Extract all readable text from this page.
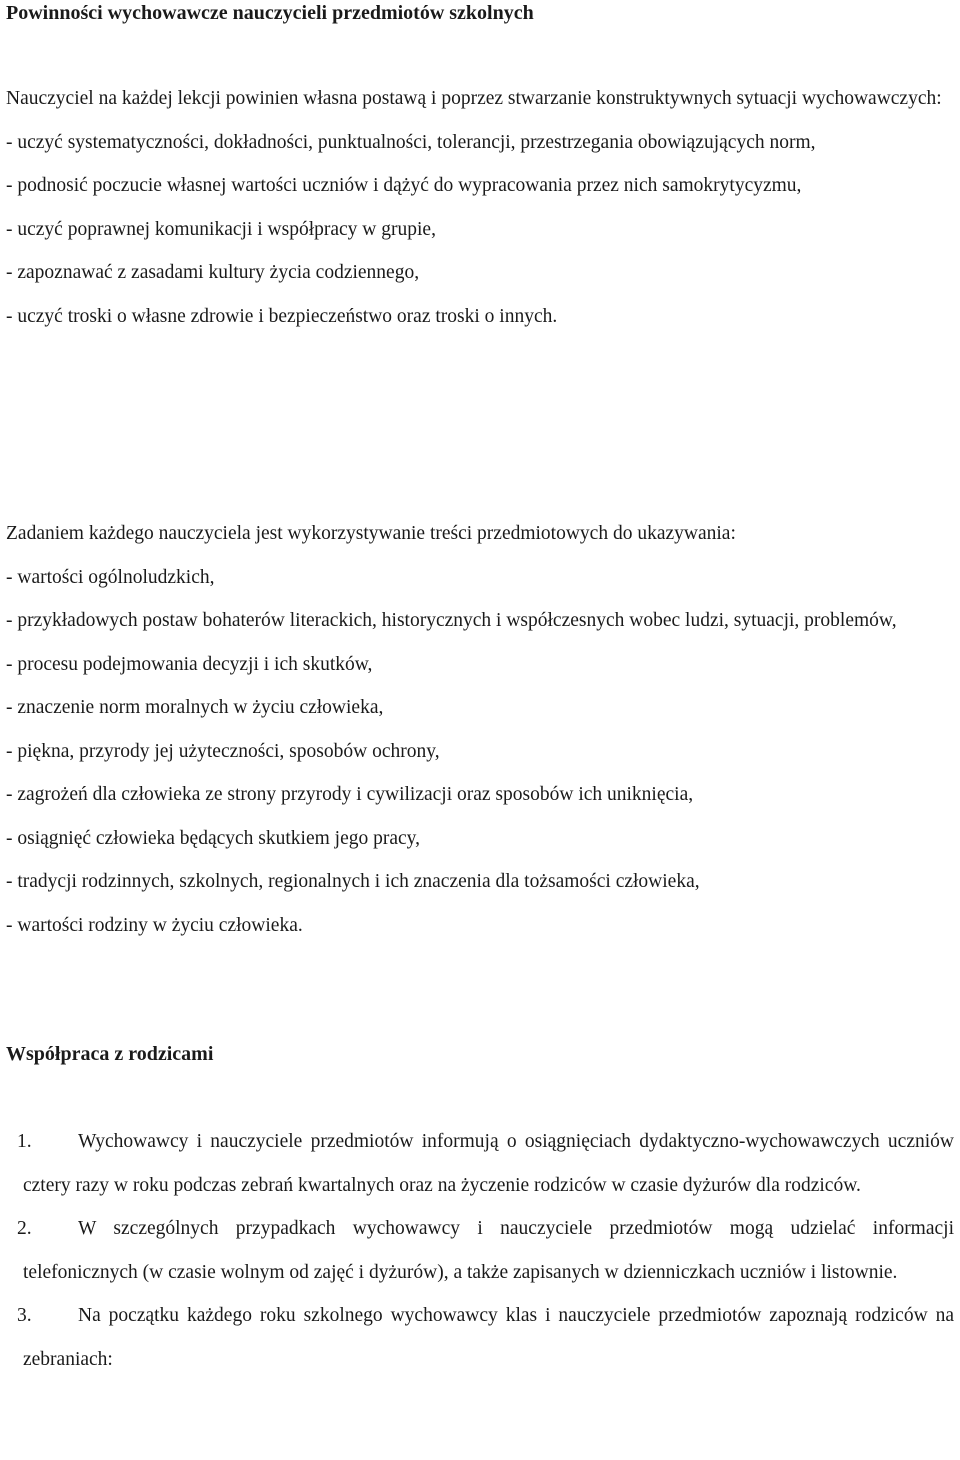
Powinności wychowawcze nauczycieli przedmiotów szkolnych

Nauczyciel na każdej lekcji powinien własna postawą i poprzez stwarzanie konstruktywnych sytuacji wychowawczych:

- uczyć systematyczności, dokładności, punktualności, tolerancji, przestrzegania obowiązujących norm,

- podnosić poczucie własnej wartości uczniów i dążyć do wypracowania przez nich samokrytycyzmu,

- uczyć poprawnej komunikacji i współpracy w grupie,

- zapoznawać z zasadami kultury życia codziennego,

- uczyć troski o własne zdrowie i bezpieczeństwo oraz troski o innych.

Zadaniem każdego nauczyciela jest wykorzystywanie treści przedmiotowych do ukazywania:

- wartości ogólnoludzkich,

- przykładowych postaw bohaterów literackich, historycznych i współczesnych wobec ludzi, sytuacji, problemów,

- procesu podejmowania decyzji i ich skutków,

- znaczenie norm moralnych w życiu człowieka,

- piękna, przyrody jej użyteczności, sposobów ochrony,

- zagrożeń dla człowieka ze strony przyrody i cywilizacji oraz sposobów ich uniknięcia,

- osiągnięć człowieka będących skutkiem jego pracy,

- tradycji rodzinnych, szkolnych, regionalnych i ich znaczenia dla tożsamości człowieka,

- wartości rodziny w życiu człowieka.

Współpraca z rodzicami
1.	Wychowawcy i nauczyciele przedmiotów informują o osiągnięciach dydaktyczno-wychowawczych uczniów cztery razy w roku podczas zebrań kwartalnych oraz na życzenie rodziców w czasie dyżurów dla rodziców.
2.	W szczególnych przypadkach wychowawcy i nauczyciele przedmiotów mogą udzielać informacji telefonicznych (w czasie wolnym od zajęć i dyżurów), a także zapisanych w dzienniczkach uczniów i listownie.
3.	Na początku każdego roku szkolnego wychowawcy klas i nauczyciele przedmiotów zapoznają rodziców na zebraniach:
